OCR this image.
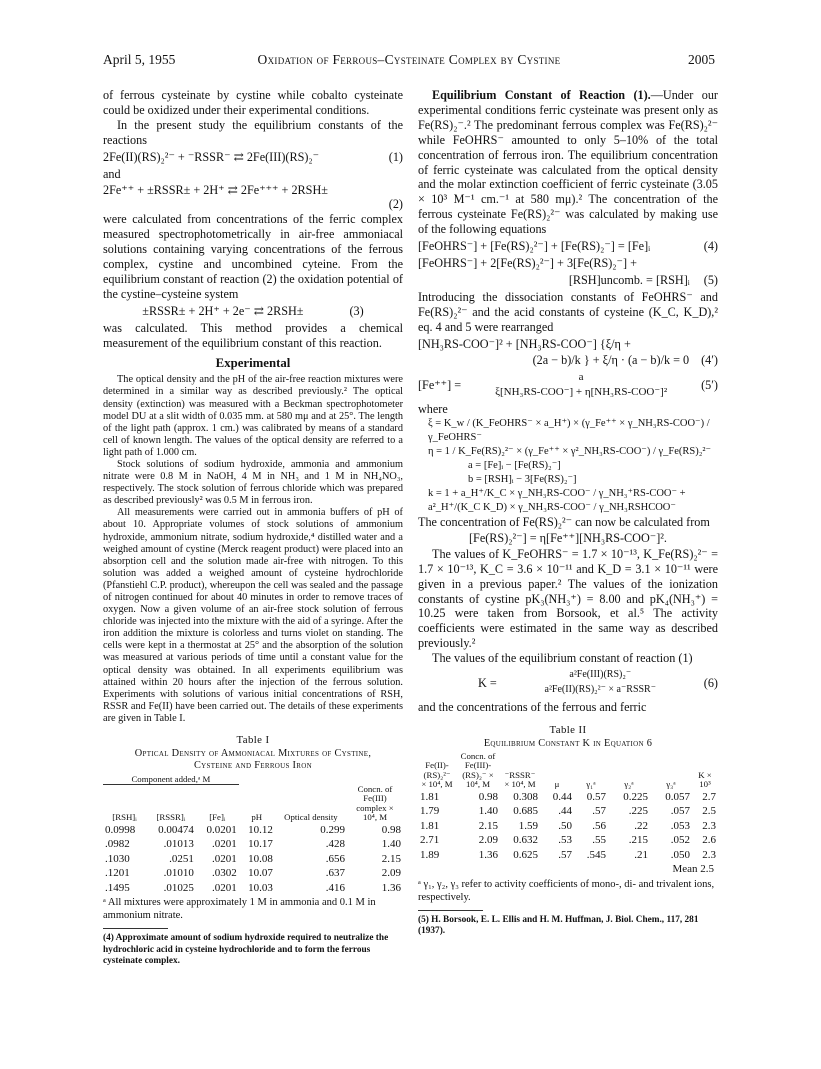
April 5, 1955	Oxidation of Ferrous–Cysteinate Complex by Cystine	2005

of ferrous cysteinate by cystine while cobalto cysteinate could be oxidized under their experimental conditions.

In the present study the equilibrium constants of the reactions

2Fe(II)(RS)₂²⁻ + ⁻RSSR⁻ ⇄ 2Fe(III)(RS)₂⁻	(1)

and

2Fe⁺⁺ + ±RSSR± + 2H⁺ ⇄ 2Fe⁺⁺⁺ + 2RSH±
(2)

were calculated from concentrations of the ferric complex measured spectrophotometrically in air-free ammoniacal solutions containing varying concentrations of the ferrous complex, cystine and uncombined cyteine. From the equilibrium constant of reaction (2) the oxidation potential of the cystine–cysteine system

±RSSR± + 2H⁺ + 2e⁻ ⇄ 2RSH±	(3)

was calculated. This method provides a chemical measurement of the equilibrium constant of this reaction.

Experimental

The optical density and the pH of the air-free reaction mixtures were determined in a similar way as described previously.² The optical density (extinction) was measured with a Beckman spectrophotometer model DU at a slit width of 0.035 mm. at 580 mμ and at 25°. The length of the light path (approx. 1 cm.) was calibrated by means of a standard cell of known length. The values of the optical density are referred to a light path of 1.000 cm.

Stock solutions of sodium hydroxide, ammonia and ammonium nitrate were 0.8 M in NaOH, 4 M in NH₃ and 1 M in NH₄NO₃, respectively. The stock solution of ferrous chloride which was prepared as described previously² was 0.5 M in ferrous iron.

All measurements were carried out in ammonia buffers of pH of about 10. Appropriate volumes of stock solutions of ammonium hydroxide, ammonium nitrate, sodium hydroxide,⁴ distilled water and a weighed amount of cystine (Merck reagent product) were placed into an absorption cell and the solution made air-free with nitrogen. To this solution was added a weighed amount of cysteine hydrochloride (Pfanstiehl C.P. product), whereupon the cell was sealed and the passage of nitrogen continued for about 40 minutes in order to remove traces of oxygen. Now a given volume of an air-free stock solution of ferrous chloride was injected into the mixture with the aid of a syringe. After the iron addition the mixture is colorless and turns violet on standing. The cells were kept in a thermostat at 25° and the absorption of the solution was measured at various periods of time until a constant value for the optical density was obtained. In all experiments equilibrium was attained within 20 hours after the injection of the ferrous solution. Experiments with solutions of various initial concentrations of RSH, RSSR and Fe(II) have been carried out. The details of these experiments are given in Table I.

Table I
Optical Density of Ammoniacal Mixtures of Cystine,
Cysteine and Ferrous Iron
Component added,ᵃ M					
[RSH]ᵢ	[RSSR]ᵢ	[Fe]ᵢ	pH	Optical density	Concn. of Fe(III) complex × 10⁴, M
0.0998	0.00474	0.0201	10.12	0.299	0.98
.0982	.01013	.0201	10.17	.428	1.40
.1030	.0251	.0201	10.08	.656	2.15
.1201	.01010	.0302	10.07	.637	2.09
.1495	.01025	.0201	10.03	.416	1.36
ᵃ All mixtures were approximately 1 M in ammonia and 0.1 M in ammonium nitrate.
(4) Approximate amount of sodium hydroxide required to neutralize the hydrochloric acid in cysteine hydrochloride and to form the ferrous cysteinate complex.

Equilibrium Constant of Reaction (1).—Under our experimental conditions ferric cysteinate was present only as Fe(RS)₂⁻.² The predominant ferrous complex was Fe(RS)₂²⁻ while FeOHRS⁻ amounted to only 5–10% of the total concentration of ferrous iron. The equilibrium concentration of ferric cysteinate was calculated from the optical density and the molar extinction coefficient of ferric cysteinate (3.05 × 10³ M⁻¹ cm.⁻¹ at 580 mμ).² The concentration of the ferrous cysteinate Fe(RS)₂²⁻ was calculated by making use of the following equations

[FeOHRS⁻] + [Fe(RS)₂²⁻] + [Fe(RS)₂⁻] = [Fe]ᵢ	(4)
[FeOHRS⁻] + 2[Fe(RS)₂²⁻] + 3[Fe(RS)₂⁻] +
[RSH]uncomb. = [RSH]ᵢ (5)

Introducing the dissociation constants of FeOHRS⁻ and Fe(RS)₂²⁻ and the acid constants of cysteine (K_C, K_D),² eq. 4 and 5 were rearranged

[NH₃RS-COO⁻]² + [NH₃RS-COO⁻] {ξ/η +
(2a − b)/k } + ξ/η · (a − b)/k = 0 (4′)
[Fe⁺⁺] =
a
ξ[NH₃RS-COO⁻] + η[NH₃RS-COO⁻]²
(5′)

where

ξ = K_w / (K_FeOHRS⁻ × a_H⁺) × (γ_Fe⁺⁺ × γ_NH₃RS-COO⁻) / γ_FeOHRS⁻
η = 1 / K_Fe(RS)₂²⁻ × (γ_Fe⁺⁺ × γ²_NH₃RS-COO⁻) / γ_Fe(RS)₂²⁻
a = [Fe]ᵢ − [Fe(RS)₂⁻]
b = [RSH]ᵢ − 3[Fe(RS)₂⁻]
k = 1 + a_H⁺/K_C × γ_NH₃RS-COO⁻ / γ_NH₃⁺RS-COO⁻ + a²_H⁺/(K_C K_D) × γ_NH₃RS-COO⁻ / γ_NH₃RSHCOO⁻

The concentration of Fe(RS)₂²⁻ can now be calculated from

[Fe(RS)₂²⁻] = η[Fe⁺⁺][NH₃RS-COO⁻]².

The values of K_FeOHRS⁻ = 1.7 × 10⁻¹³, K_Fe(RS)₂²⁻ = 1.7 × 10⁻¹³, K_C = 3.6 × 10⁻¹¹ and K_D = 3.1 × 10⁻¹¹ were given in a previous paper.² The values of the ionization constants of cystine pK₃(NH₃⁺) = 8.00 and pK₄(NH₃⁺) = 10.25 were taken from Borsook, et al.⁵ The activity coefficients were estimated in the same way as described previously.²

The values of the equilibrium constant of reaction (1)

K =
a²Fe(III)(RS)₂⁻
a²Fe(II)(RS)₂²⁻ × a⁻RSSR⁻	(6)

and the concentrations of the ferrous and ferric

Table II
Equilibrium Constant K in Equation 6
Fe(II)-(RS)₂²⁻ × 10⁴, M	Concn. of Fe(III)-(RS)₂⁻ × 10⁴, M	⁻RSSR⁻ × 10⁴, M	μ	γ₁ᵃ	γ₂ᵃ	γ₃ᵃ	K × 10³
1.81	0.98	0.308	0.44	0.57	0.225	0.057	2.7
1.79	1.40	0.685	.44	.57	.225	.057	2.5
1.81	2.15	1.59	.50	.56	.22	.053	2.3
2.71	2.09	0.632	.53	.55	.215	.052	2.6
1.89	1.36	0.625	.57	.545	.21	.050	2.3
Mean 2.5
ᵃ γ₁, γ₂, γ₃ refer to activity coefficients of mono-, di- and trivalent ions, respectively.
(5) H. Borsook, E. L. Ellis and H. M. Huffman, J. Biol. Chem., 117, 281 (1937).
